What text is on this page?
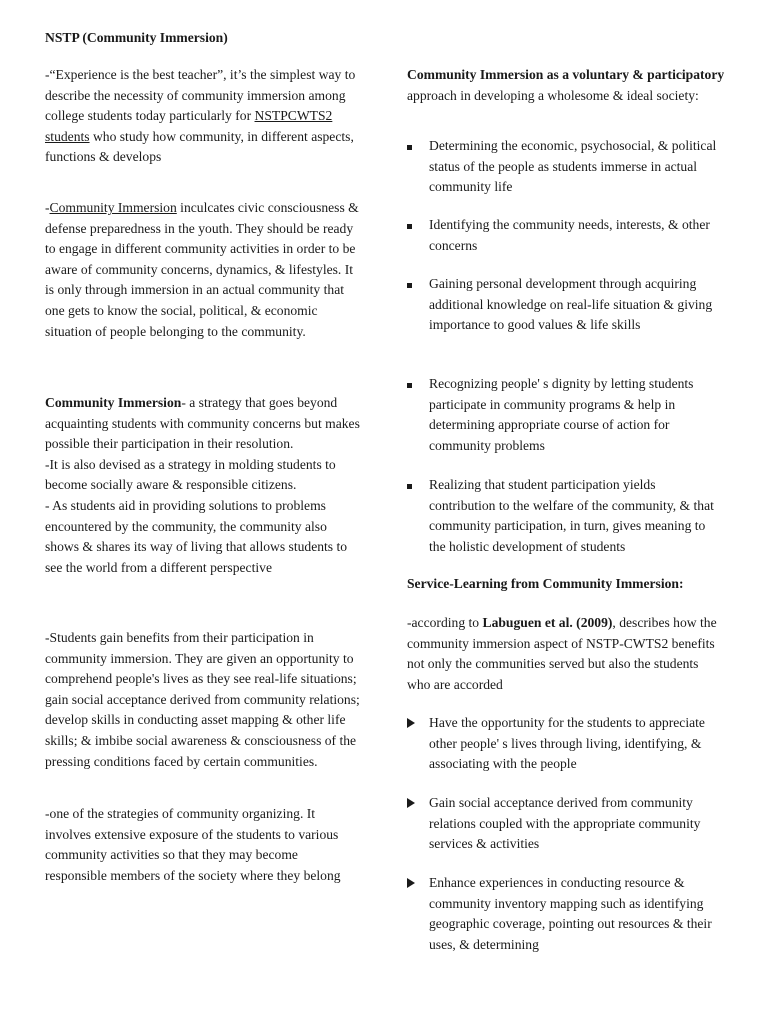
NSTP (Community Immersion)

-“Experience is the best teacher”, it’s the simplest way to describe the necessity of community immersion among college students today particularly for NSTPCWTS2 students who study how community, in different aspects, functions & develops

-Community Immersion inculcates civic consciousness & defense preparedness in the youth. They should be ready to engage in different community activities in order to be aware of community concerns, dynamics, & lifestyles. It is only through immersion in an actual community that one gets to know the social, political, & economic situation of people belonging to the community.

Community Immersion- a strategy that goes beyond acquainting students with community concerns but makes possible their participation in their resolution.

-It is also devised as a strategy in molding students to become socially aware & responsible citizens.

- As students aid in providing solutions to problems encountered by the community, the community also shows & shares its way of living that allows students to see the world from a different perspective

-Students gain benefits from their participation in community immersion. They are given an opportunity to comprehend people's lives as they see real-life situations; gain social acceptance derived from community relations; develop skills in conducting asset mapping & other life skills; & imbibe social awareness & consciousness of the pressing conditions faced by certain communities.

-one of the strategies of community organizing. It involves extensive exposure of the students to various community activities so that they may become responsible members of the society where they belong

Community Immersion as a voluntary & participatory approach in developing a wholesome & ideal society:

Determining the economic, psychosocial, & political status of the people as students immerse in actual community life
Identifying the community needs, interests, & other concerns
Gaining personal development through acquiring additional knowledge on real-life situation & giving importance to good values & life skills
Recognizing people' s dignity by letting students participate in community programs & help in determining appropriate course of action for community problems
Realizing that student participation yields contribution to the welfare of the community, & that community participation, in turn, gives meaning to the holistic development of students

Service-Learning from Community Immersion:

-according to Labuguen et al. (2009), describes how the community immersion aspect of NSTP-CWTS2 benefits not only the communities served but also the students who are accorded

Have the opportunity for the students to appreciate other people' s lives through living, identifying, & associating with the people
Gain social acceptance derived from community relations coupled with the appropriate community services & activities
Enhance experiences in conducting resource & community inventory mapping such as identifying geographic coverage, pointing out resources & their uses, & determining
